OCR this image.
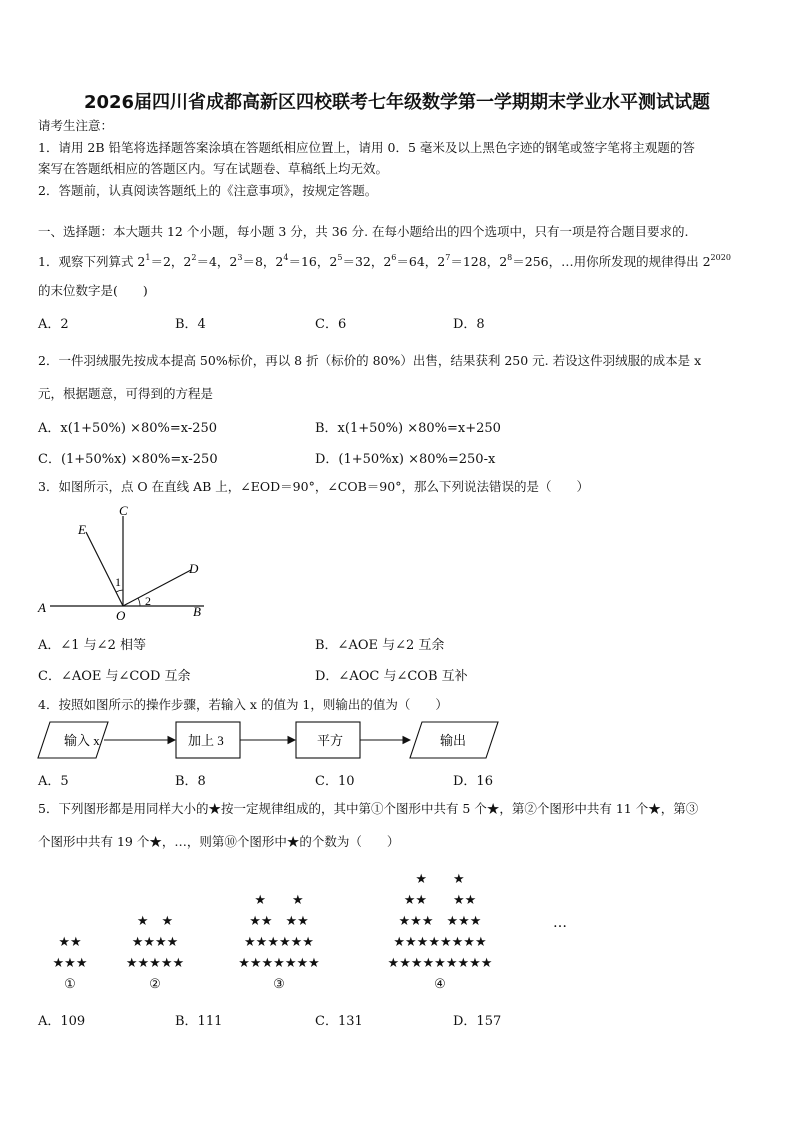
2026届四川省成都高新区四校联考七年级数学第一学期期末学业水平测试试题
请考生注意：
1．请用 2B 铅笔将选择题答案涂填在答题纸相应位置上，请用 0．5 毫米及以上黑色字迹的钢笔或签字笔将主观题的答
案写在答题纸相应的答题区内。写在试题卷、草稿纸上均无效。
2．答题前，认真阅读答题纸上的《注意事项》，按规定答题。
一、选择题：本大题共 12 个小题，每小题 3 分，共 36 分. 在每小题给出的四个选项中，只有一项是符合题目要求的.
1．观察下列算式 $2^1=2$，$2^2=4$，$2^3=8$，$2^4=16$，$2^5=32$，$2^6=64$，$2^7=128$，$2^8=256$，…用你所发现的规律得出 $2^{2020}$
的末位数字是(　　)
A．2	B．4	C．6	D．8
2．一件羽绒服先按成本提高 50%标价，再以 8 折（标价的 80%）出售，结果获利 250 元. 若设这件羽绒服的成本是 x
元，根据题意，可得到的方程是
A．x(1+50%) ×80%=x-250	B．x(1+50%) ×80%=x+250
C．(1+50%x) ×80%=x-250	D．(1+50%x) ×80%=250-x
3．如图所示，点 O 在直线 AB 上，∠EOD＝90°，∠COB＝90°，那么下列说法错误的是（　　）
A	B
C
D
E
O
1
2
A．∠1 与∠2 相等	B．∠AOE 与∠2 互余
C．∠AOE 与∠COD 互余	D．∠AOC 与∠COB 互补
4．按照如图所示的操作步骤，若输入 x 的值为 1，则输出的值为（　　）
输入 x	加上 3	平方	输出
A．5	B．8	C．10	D．16
5．下列图形都是用同样大小的★按一定规律组成的，其中第①个图形中共有 5 个★，第②个图形中共有 11 个★，第③
个图形中共有 19 个★，…，则第⑩个图形中★的个数为（　　）
★★
★★★
①
★　★
★★★★
★★★★★
②
★　　★
★★　★★
★★★★★★
★★★★★★★
③
★　　★
★★　　★★
★★★　★★★
★★★★★★★★
★★★★★★★★★
④
…
A．109	B．111	C．131	D．157
